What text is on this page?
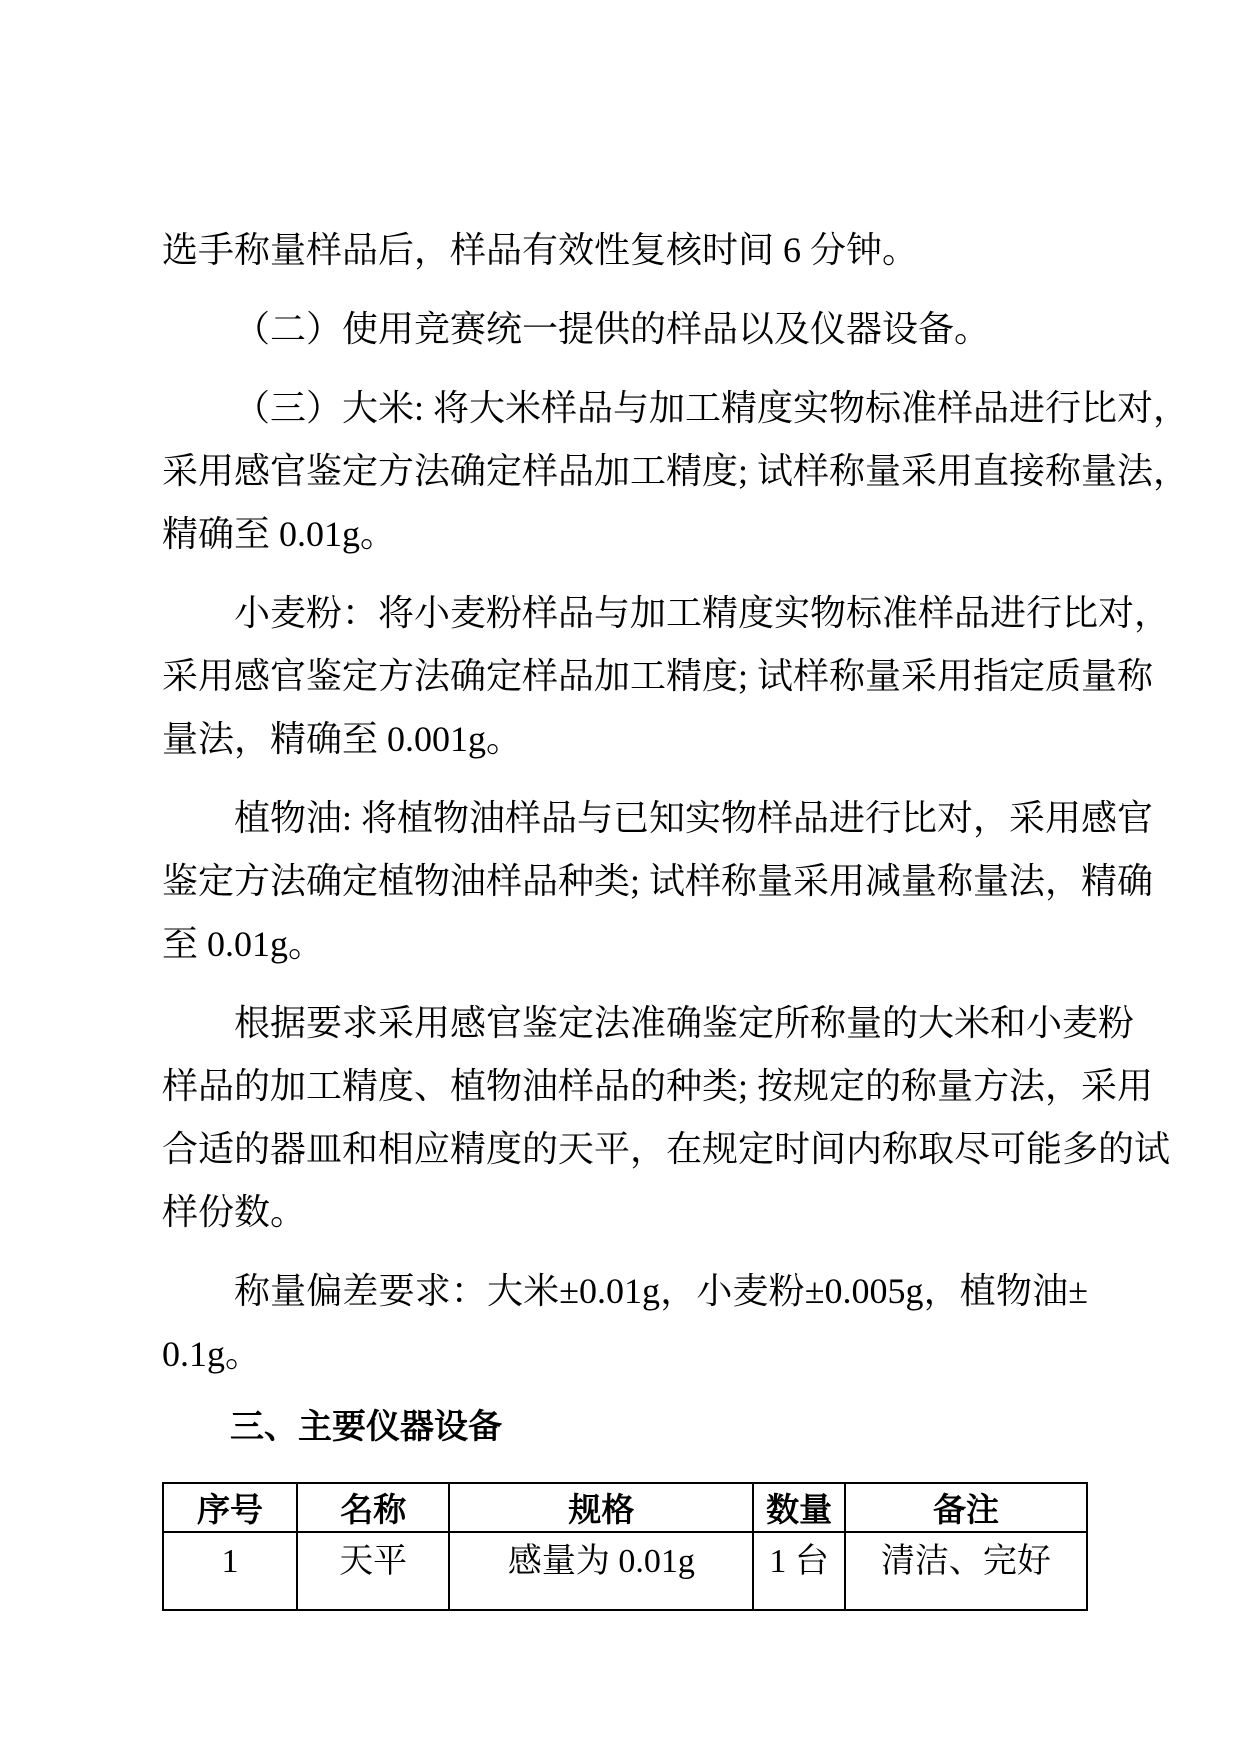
选手称量样品后，样品有效性复核时间 6 分钟。
（二）使用竞赛统一提供的样品以及仪器设备。
（三）大米: 将大米样品与加工精度实物标准样品进行比对，
采用感官鉴定方法确定样品加工精度; 试样称量采用直接称量法，
精确至 0.01g。
小麦粉：将小麦粉样品与加工精度实物标准样品进行比对，
采用感官鉴定方法确定样品加工精度; 试样称量采用指定质量称
量法，精确至 0.001g。
植物油: 将植物油样品与已知实物样品进行比对，采用感官
鉴定方法确定植物油样品种类; 试样称量采用减量称量法，精确
至 0.01g。
根据要求采用感官鉴定法准确鉴定所称量的大米和小麦粉
样品的加工精度、植物油样品的种类; 按规定的称量方法，采用
合适的器皿和相应精度的天平，在规定时间内称取尽可能多的试
样份数。
称量偏差要求：大米±0.01g，小麦粉±0.005g，植物油±
0.1g。
三、主要仪器设备
序号	名称	规格	数量	备注
1	天平	感量为 0.01g	1 台	清洁、完好
